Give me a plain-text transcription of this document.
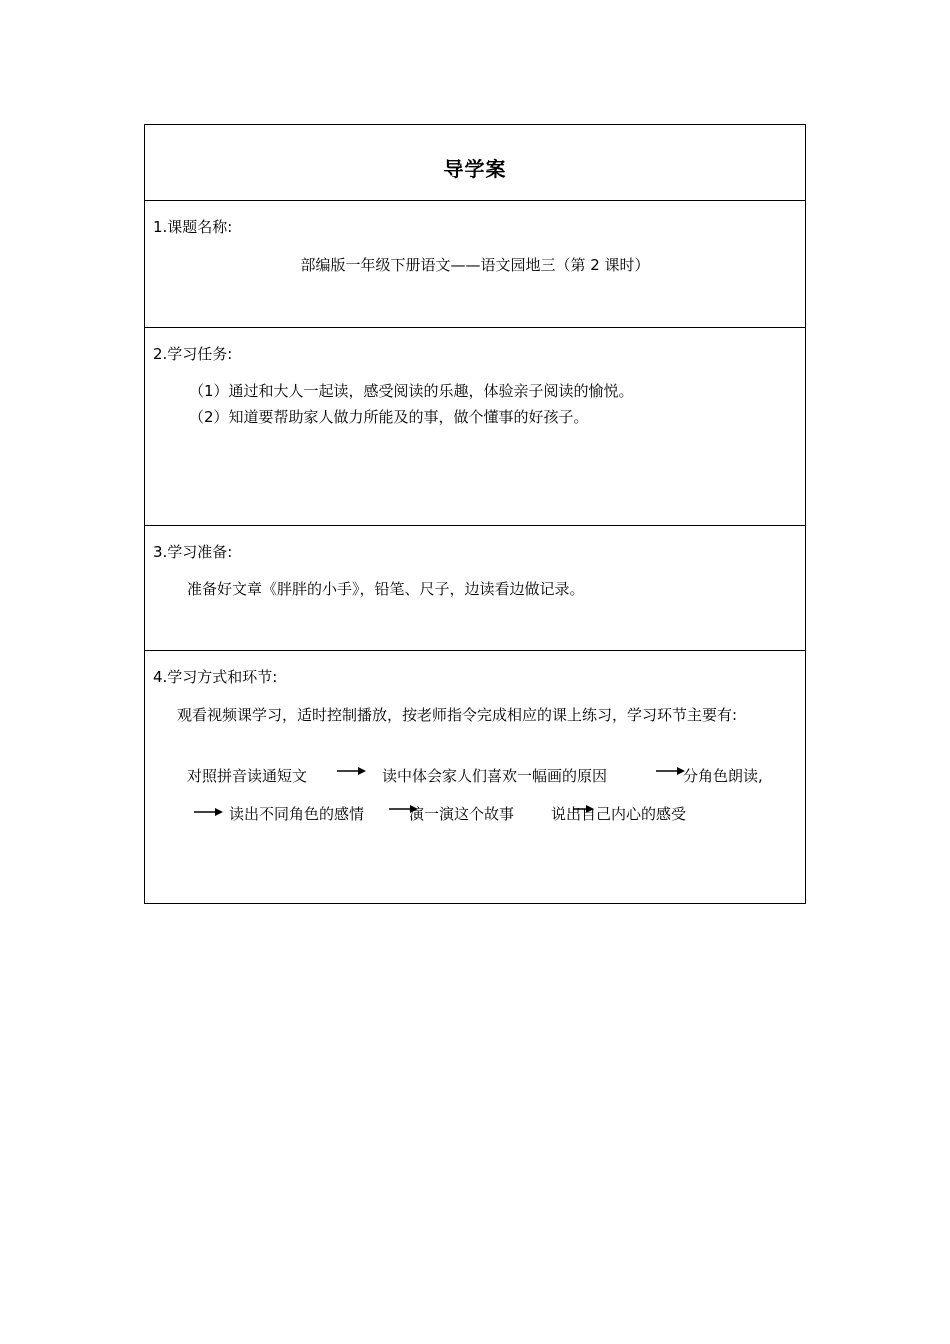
导学案
1.课题名称:
部编版一年级下册语文——语文园地三（第 2 课时）
2.学习任务:
（1）通过和大人一起读，感受阅读的乐趣，体验亲子阅读的愉悦。
（2）知道要帮助家人做力所能及的事，做个懂事的好孩子。
3.学习准备:
准备好文章《胖胖的小手》，铅笔、尺子，边读看边做记录。
4.学习方式和环节:
观看视频课学习，适时控制播放，按老师指令完成相应的课上练习，学习环节主要有:
对照拼音读通短文	读中体会家人们喜欢一幅画的原因	分角色朗读,
读出不同角色的感情	演一演这个故事 说出自己内心的感受
